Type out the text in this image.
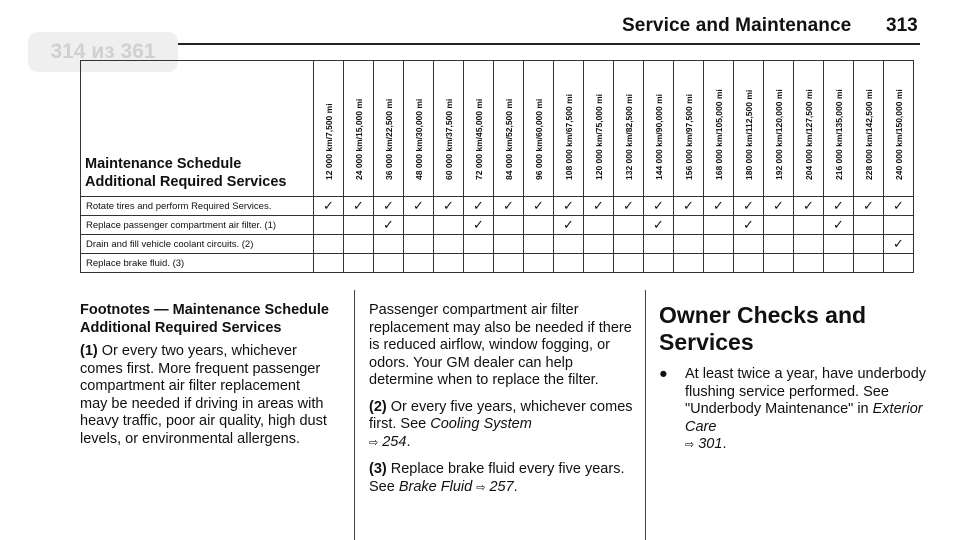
Service and Maintenance 313
314 из 361
Maintenance Schedule Additional Required Services	12 000 km/7,500 mi	24 000 km/15,000 mi	36 000 km/22,500 mi	48 000 km/30,000 mi	60 000 km/37,500 mi	72 000 km/45,000 mi	84 000 km/52,500 mi	96 000 km/60,000 mi	108 000 km/67,500 mi	120 000 km/75,000 mi	132 000 km/82,500 mi	144 000 km/90,000 mi	156 000 km/97,500 mi	168 000 km/105,000 mi	180 000 km/112,500 mi	192 000 km/120,000 mi	204 000 km/127,500 mi	216 000 km/135,000 mi	228 000 km/142,500 mi	240 000 km/150,000 mi

Rotate tires and perform Required Services.	✓	✓	✓	✓	✓	✓	✓	✓	✓	✓	✓	✓	✓	✓	✓	✓	✓	✓	✓	✓
Replace passenger compartment air filter. (1)			✓			✓			✓			✓			✓			✓		
Drain and fill vehicle coolant circuits. (2)																				✓
Replace brake fluid. (3)																				
Footnotes — Maintenance Schedule Additional Required Services

(1) Or every two years, whichever comes first. More frequent passenger compartment air filter replacement may be needed if driving in areas with heavy traffic, poor air quality, high dust levels, or environmental allergens.

Passenger compartment air filter replacement may also be needed if there is reduced airflow, window fogging, or odors. Your GM dealer can help determine when to replace the filter.

(2) Or every five years, whichever comes first. See Cooling System
⇨ 254.

(3) Replace brake fluid every five years. See Brake Fluid ⇨ 257.

Owner Checks and Services
● At least twice a year, have underbody flushing service performed. See "Underbody Maintenance" in Exterior Care
⇨ 301.
